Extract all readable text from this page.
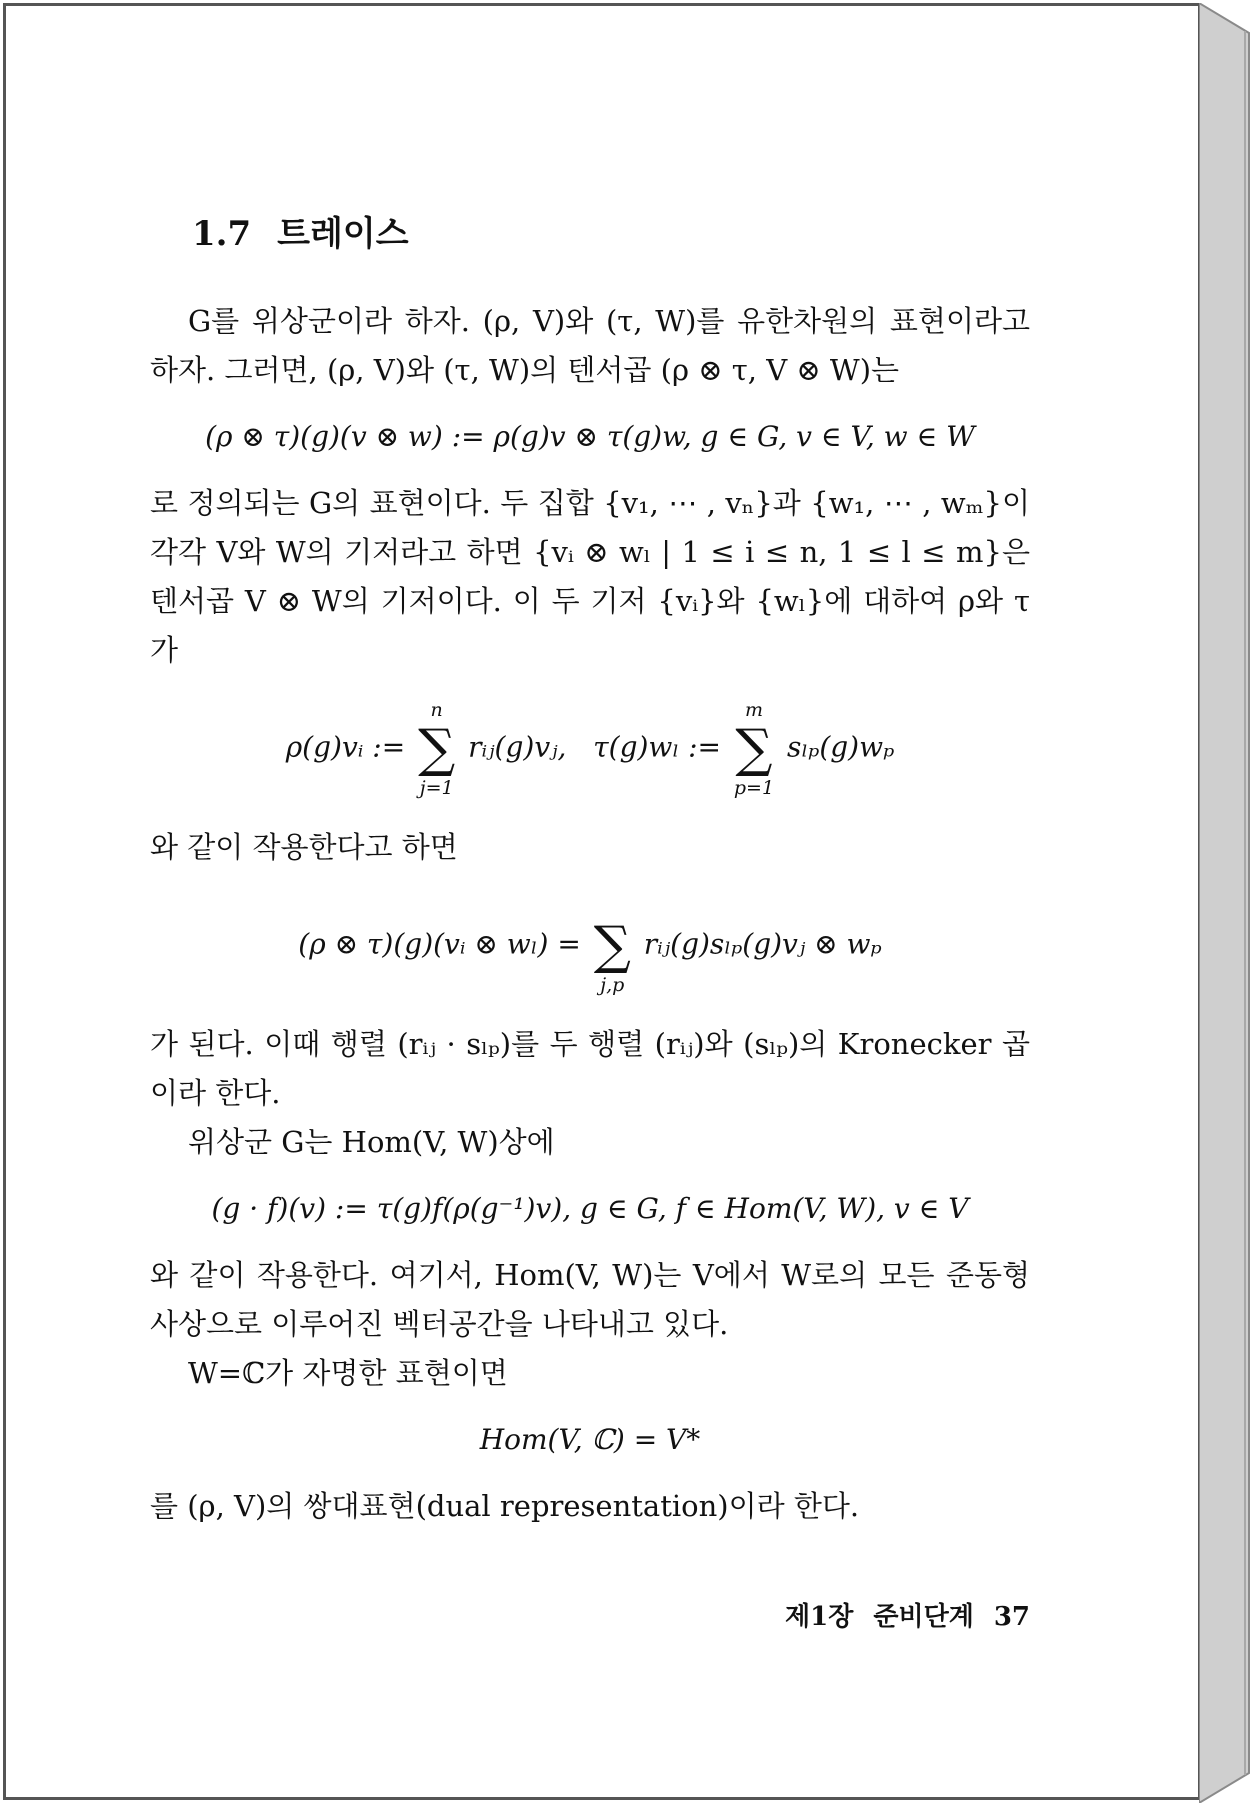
1.7 트레이스

G를 위상군이라 하자. (ρ, V)와 (τ, W)를 유한차원의 표현이라고 하자. 그러면, (ρ, V)와 (τ, W)의 텐서곱 (ρ ⊗ τ, V ⊗ W)는

(ρ ⊗ τ)(g)(v ⊗ w) := ρ(g)v ⊗ τ(g)w, g ∈ G, v ∈ V, w ∈ W

로 정의되는 G의 표현이다. 두 집합 {v₁, ⋯ , vₙ}과 {w₁, ⋯ , wₘ}이 각각 V와 W의 기저라고 하면 {vᵢ ⊗ wₗ | 1 ≤ i ≤ n, 1 ≤ l ≤ m}은 텐서곱 V ⊗ W의 기저이다. 이 두 기저 {vᵢ}와 {wₗ}에 대하여 ρ와 τ가

ρ(g)vᵢ :=
n
∑
j=1
rᵢⱼ(g)vⱼ, τ(g)wₗ :=
m
∑
p=1
sₗₚ(g)wₚ

와 같이 작용한다고 하면

(ρ ⊗ τ)(g)(vᵢ ⊗ wₗ) = ∑
j,p
rᵢⱼ(g)sₗₚ(g)vⱼ ⊗ wₚ

가 된다. 이때 행렬 (rᵢⱼ · sₗₚ)를 두 행렬 (rᵢⱼ)와 (sₗₚ)의 Kronecker 곱이라 한다.

위상군 G는 Hom(V, W)상에

(g · f)(v) := τ(g)f(ρ(g⁻¹)v), g ∈ G, f ∈ Hom(V, W), v ∈ V

와 같이 작용한다. 여기서, Hom(V, W)는 V에서 W로의 모든 준동형사상으로 이루어진 벡터공간을 나타내고 있다.

W=ℂ가 자명한 표현이면

Hom(V, ℂ) = V*

를 (ρ, V)의 쌍대표현(dual representation)이라 한다.

제1장 준비단계 37
